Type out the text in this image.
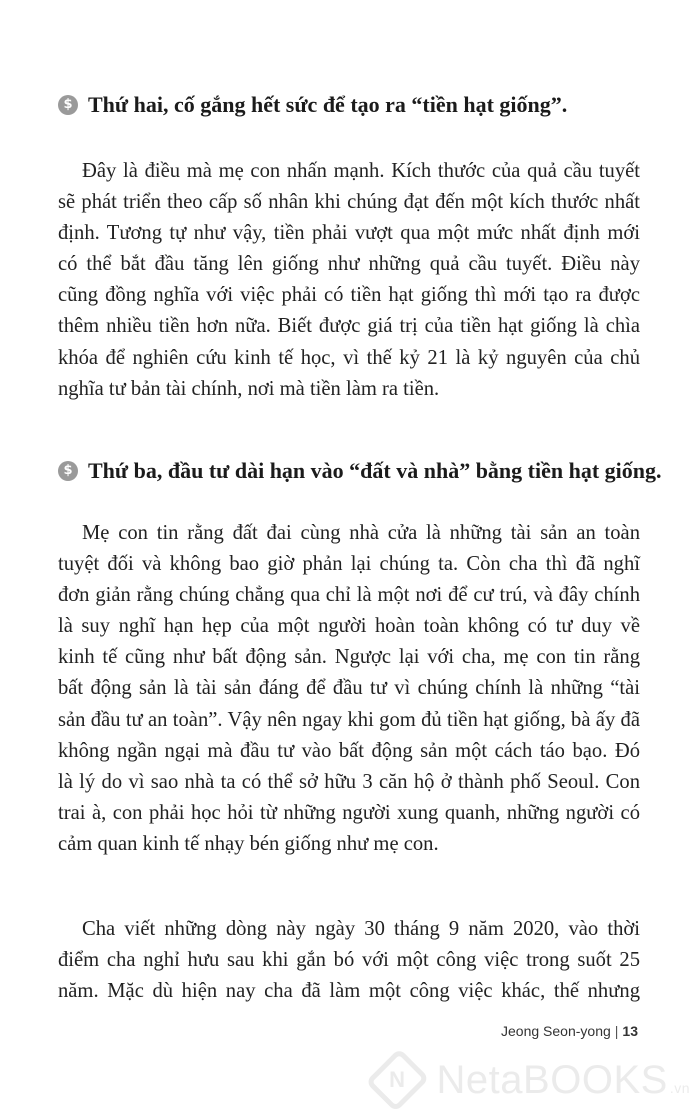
$ Thứ hai, cố gắng hết sức để tạo ra “tiền hạt giống”.
Đây là điều mà mẹ con nhấn mạnh. Kích thước của quả cầu tuyết
sẽ phát triển theo cấp số nhân khi chúng đạt đến một kích thước nhất
định. Tương tự như vậy, tiền phải vượt qua một mức nhất định mới
có thể bắt đầu tăng lên giống như những quả cầu tuyết. Điều này
cũng đồng nghĩa với việc phải có tiền hạt giống thì mới tạo ra được
thêm nhiều tiền hơn nữa. Biết được giá trị của tiền hạt giống là chìa
khóa để nghiên cứu kinh tế học, vì thế kỷ 21 là kỷ nguyên của chủ
nghĩa tư bản tài chính, nơi mà tiền làm ra tiền.
$ Thứ ba, đầu tư dài hạn vào “đất và nhà” bằng tiền hạt giống.
Mẹ con tin rằng đất đai cùng nhà cửa là những tài sản an toàn
tuyệt đối và không bao giờ phản lại chúng ta. Còn cha thì đã nghĩ
đơn giản rằng chúng chẳng qua chỉ là một nơi để cư trú, và đây chính
là suy nghĩ hạn hẹp của một người hoàn toàn không có tư duy về
kinh tế cũng như bất động sản. Ngược lại với cha, mẹ con tin rằng
bất động sản là tài sản đáng để đầu tư vì chúng chính là những “tài
sản đầu tư an toàn”. Vậy nên ngay khi gom đủ tiền hạt giống, bà ấy đã
không ngần ngại mà đầu tư vào bất động sản một cách táo bạo. Đó
là lý do vì sao nhà ta có thể sở hữu 3 căn hộ ở thành phố Seoul. Con
trai à, con phải học hỏi từ những người xung quanh, những người có
cảm quan kinh tế nhạy bén giống như mẹ con.
Cha viết những dòng này ngày 30 tháng 9 năm 2020, vào thời
điểm cha nghỉ hưu sau khi gắn bó với một công việc trong suốt 25
năm. Mặc dù hiện nay cha đã làm một công việc khác, thế nhưng
Jeong Seon-yong | 13
N NetaBOOKS .vn
